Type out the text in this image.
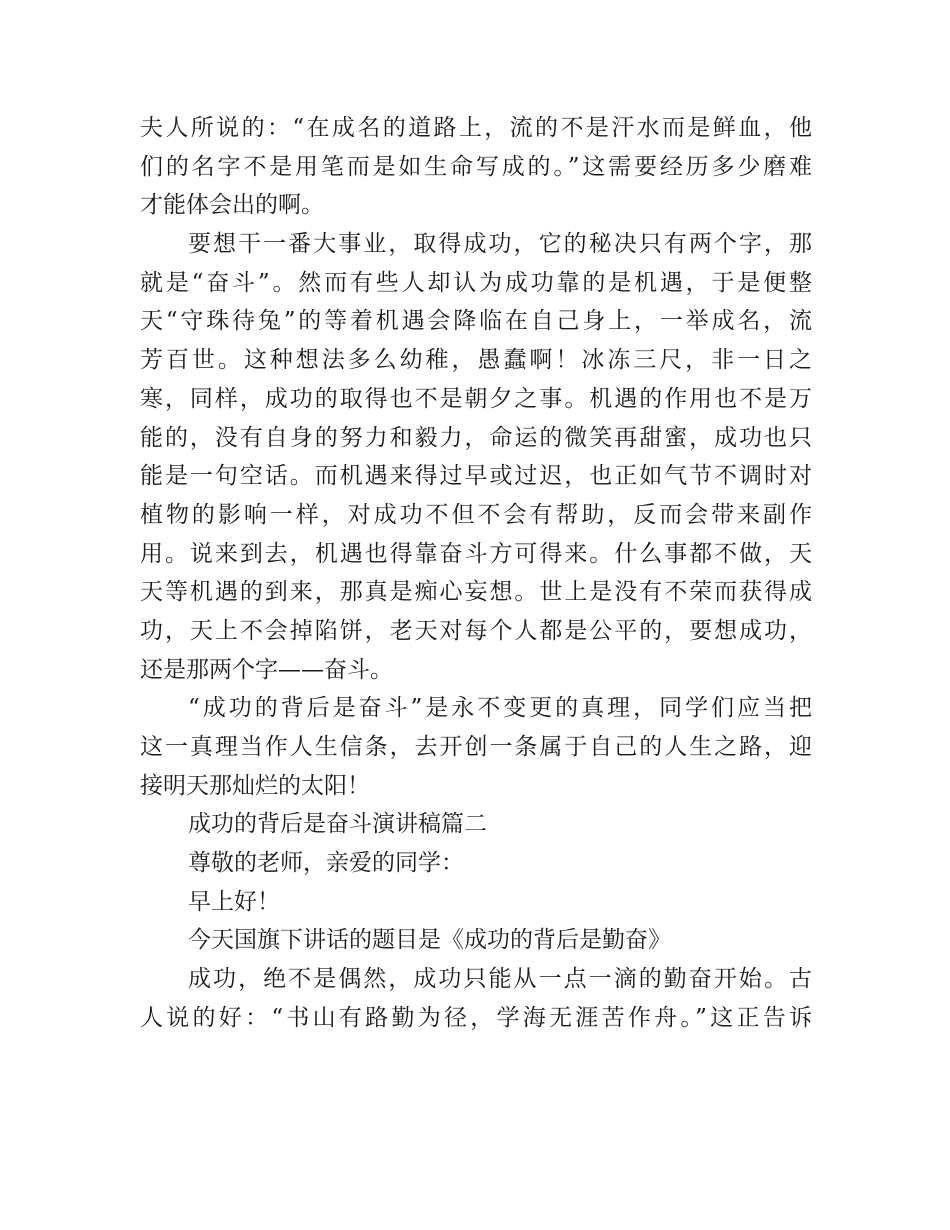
夫人所说的：“在成名的道路上，流的不是汗水而是鲜血，他
们的名字不是用笔而是如生命写成的。”这需要经历多少磨难
才能体会出的啊。
要想干一番大事业，取得成功，它的秘决只有两个字，那
就是“奋斗”。然而有些人却认为成功靠的是机遇，于是便整
天“守珠待兔”的等着机遇会降临在自己身上，一举成名，流
芳百世。这种想法多么幼稚，愚蠢啊！冰冻三尺，非一日之
寒，同样，成功的取得也不是朝夕之事。机遇的作用也不是万
能的，没有自身的努力和毅力，命运的微笑再甜蜜，成功也只
能是一句空话。而机遇来得过早或过迟，也正如气节不调时对
植物的影响一样，对成功不但不会有帮助，反而会带来副作
用。说来到去，机遇也得靠奋斗方可得来。什么事都不做，天
天等机遇的到来，那真是痴心妄想。世上是没有不荣而获得成
功，天上不会掉陷饼，老天对每个人都是公平的，要想成功，
还是那两个字——奋斗。
“成功的背后是奋斗”是永不变更的真理，同学们应当把
这一真理当作人生信条，去开创一条属于自己的人生之路，迎
接明天那灿烂的太阳！
成功的背后是奋斗演讲稿篇二
尊敬的老师，亲爱的同学：
早上好！
今天国旗下讲话的题目是《成功的背后是勤奋》
成功，绝不是偶然，成功只能从一点一滴的勤奋开始。古
人说的好：“书山有路勤为径，学海无涯苦作舟。”这正告诉
